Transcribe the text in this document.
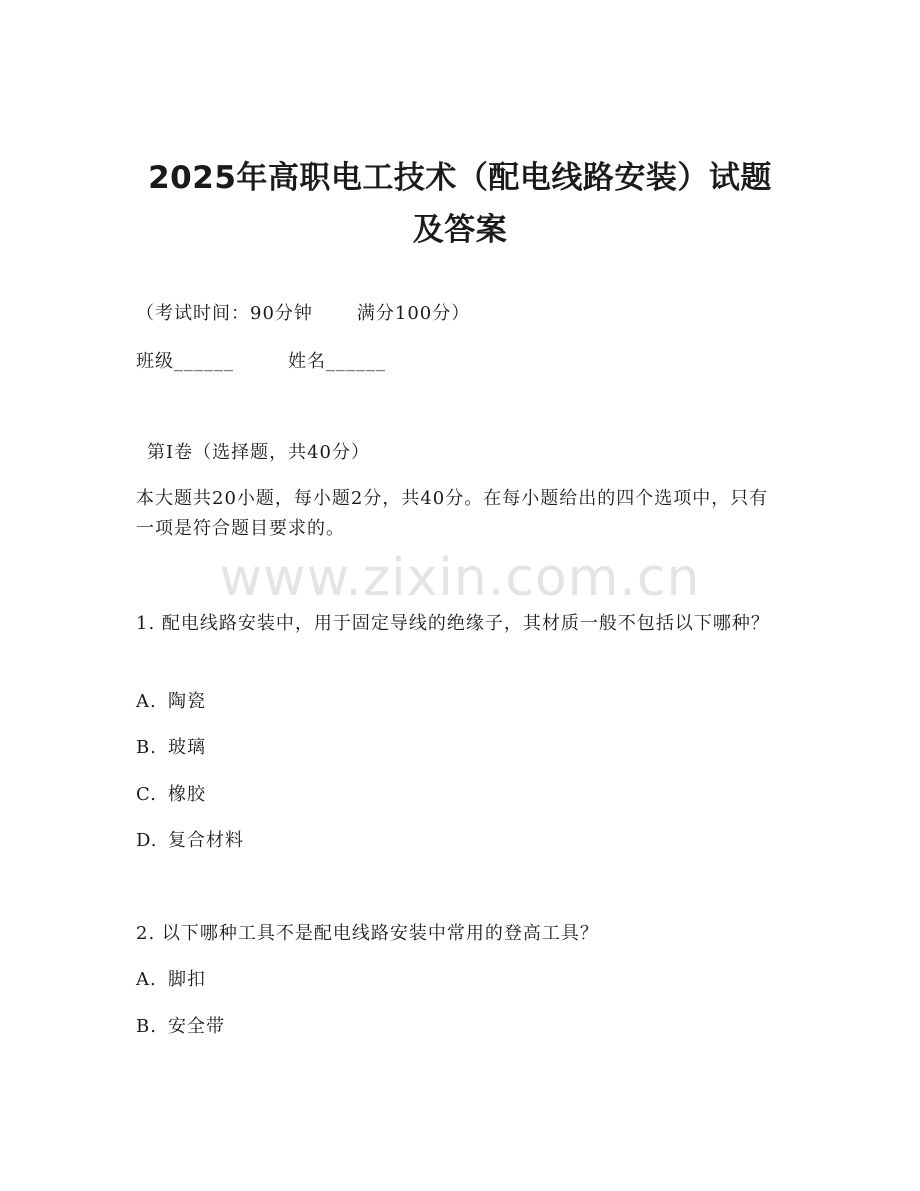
2025年高职电工技术（配电线路安装）试题
及答案
（考试时间：90分钟 满分100分）
班级______	姓名______
第Ⅰ卷（选择题，共40分）
本大题共20小题，每小题2分，共40分。在每小题给出的四个选项中，只有一项是符合题目要求的。
www.zixin.com.cn
1. 配电线路安装中，用于固定导线的绝缘子，其材质一般不包括以下哪种？
A. 陶瓷
B. 玻璃
C. 橡胶
D. 复合材料
2. 以下哪种工具不是配电线路安装中常用的登高工具？
A. 脚扣
B. 安全带
